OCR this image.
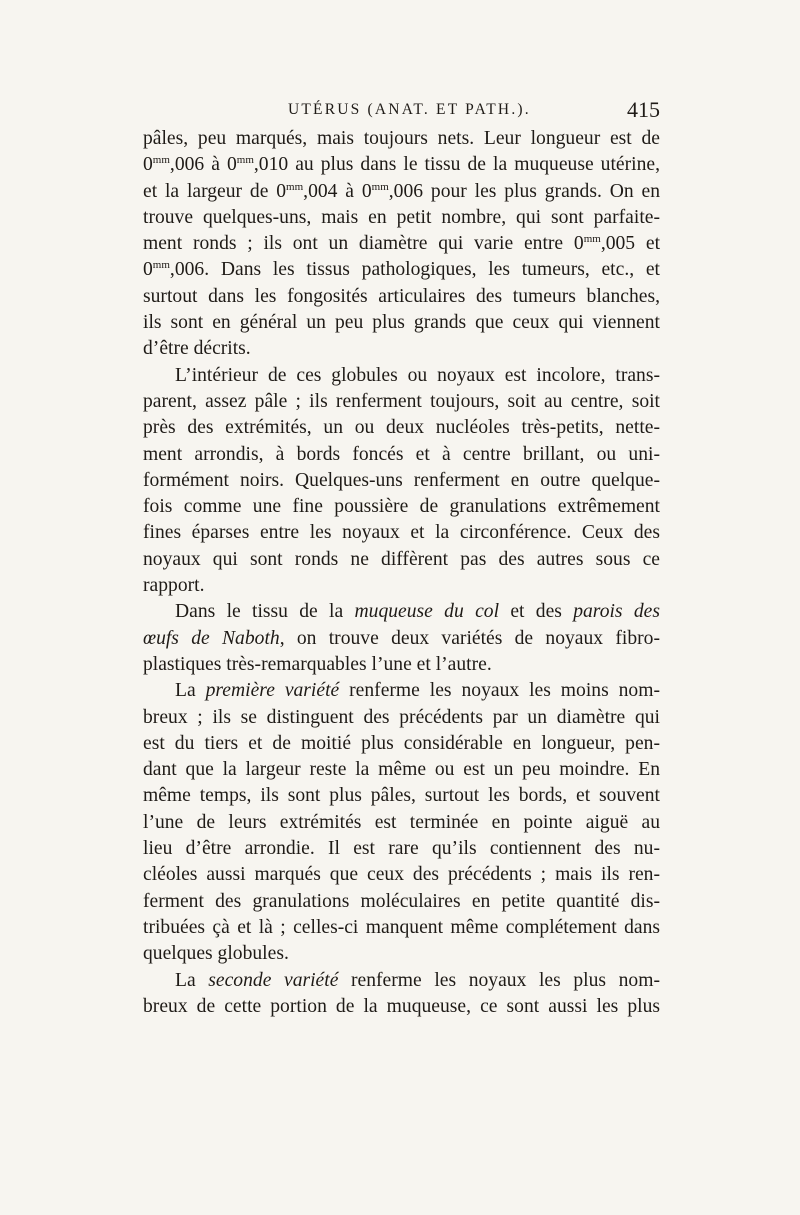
UTÉRUS (ANAT. ET PATH.).	415
pâles, peu marqués, mais toujours nets. Leur longueur est de
$0^{mm},006$ à $0^{mm},010$ au plus dans le tissu de la muqueuse utérine,
et la largeur de $0^{mm},004$ à $0^{mm},006$ pour les plus grands. On en
trouve quelques-uns, mais en petit nombre, qui sont parfaite-
ment ronds ; ils ont un diamètre qui varie entre $0^{mm},005$ et
$0^{mm},006$. Dans les tissus pathologiques, les tumeurs, etc., et
surtout dans les fongosités articulaires des tumeurs blanches,
ils sont en général un peu plus grands que ceux qui viennent
d’être décrits.
L’intérieur de ces globules ou noyaux est incolore, trans-
parent, assez pâle ; ils renferment toujours, soit au centre, soit
près des extrémités, un ou deux nucléoles très-petits, nette-
ment arrondis, à bords foncés et à centre brillant, ou uni-
formément noirs. Quelques-uns renferment en outre quelque-
fois comme une fine poussière de granulations extrêmement
fines éparses entre les noyaux et la circonférence. Ceux des
noyaux qui sont ronds ne diffèrent pas des autres sous ce
rapport.
Dans le tissu de la muqueuse du col et des parois des
œufs de Naboth, on trouve deux variétés de noyaux fibro-
plastiques très-remarquables l’une et l’autre.
La première variété renferme les noyaux les moins nom-
breux ; ils se distinguent des précédents par un diamètre qui
est du tiers et de moitié plus considérable en longueur, pen-
dant que la largeur reste la même ou est un peu moindre. En
même temps, ils sont plus pâles, surtout les bords, et souvent
l’une de leurs extrémités est terminée en pointe aiguë au
lieu d’être arrondie. Il est rare qu’ils contiennent des nu-
cléoles aussi marqués que ceux des précédents ; mais ils ren-
ferment des granulations moléculaires en petite quantité dis-
tribuées çà et là ; celles-ci manquent même complétement dans
quelques globules.
La seconde variété renferme les noyaux les plus nom-
breux de cette portion de la muqueuse, ce sont aussi les plus
